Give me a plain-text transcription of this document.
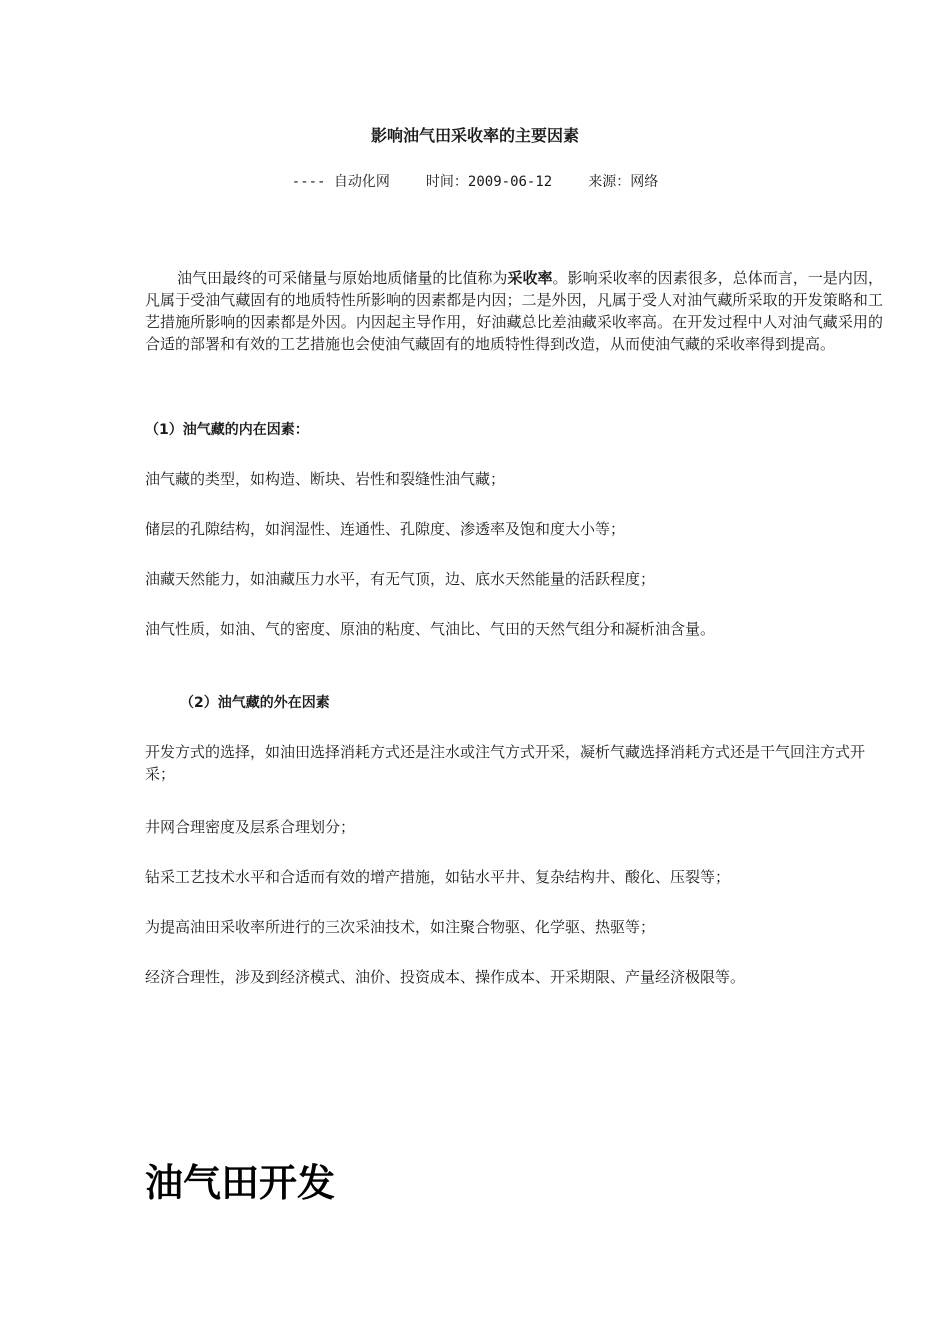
影响油气田采收率的主要因素
---- 自动化网	时间：2009-06-12	来源：网络

油气田最终的可采储量与原始地质储量的比值称为采收率。影响采收率的因素很多，总体而言，一是内因，凡属于受油气藏固有的地质特性所影响的因素都是内因；二是外因，凡属于受人对油气藏所采取的开发策略和工艺措施所影响的因素都是外因。内因起主导作用，好油藏总比差油藏采收率高。在开发过程中人对油气藏采用的合适的部署和有效的工艺措施也会使油气藏固有的地质特性得到改造，从而使油气藏的采收率得到提高。

（1）油气藏的内在因素：

油气藏的类型，如构造、断块、岩性和裂缝性油气藏；

储层的孔隙结构，如润湿性、连通性、孔隙度、渗透率及饱和度大小等；

油藏天然能力，如油藏压力水平，有无气顶，边、底水天然能量的活跃程度；

油气性质，如油、气的密度、原油的粘度、气油比、气田的天然气组分和凝析油含量。

（2）油气藏的外在因素

开发方式的选择，如油田选择消耗方式还是注水或注气方式开采，凝析气藏选择消耗方式还是干气回注方式开采；

井网合理密度及层系合理划分；

钻采工艺技术水平和合适而有效的增产措施，如钻水平井、复杂结构井、酸化、压裂等；

为提高油田采收率所进行的三次采油技术，如注聚合物驱、化学驱、热驱等；

经济合理性，涉及到经济模式、油价、投资成本、操作成本、开采期限、产量经济极限等。

油气田开发
